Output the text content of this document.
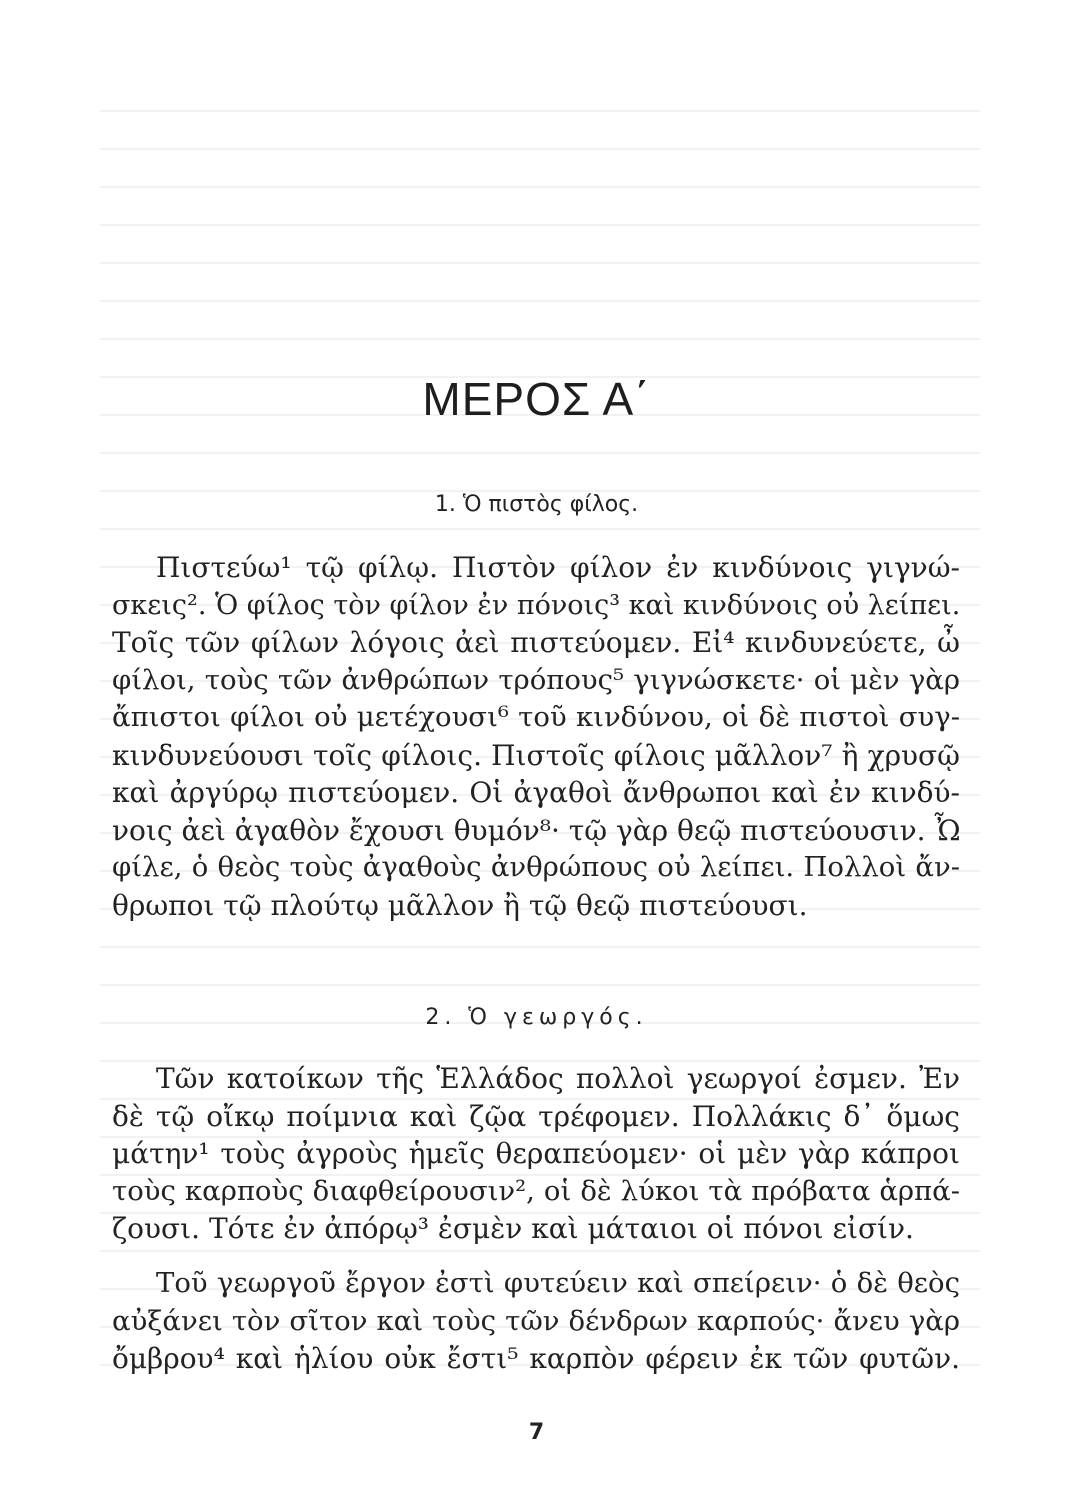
ΜΕΡΟΣ Α΄
1. Ὁ πιστὸς φίλος.
Πιστεύω¹ τῷ φίλῳ. Πιστὸν φίλον ἐν κινδύνοις γιγνώ-
σκεις². Ὁ φίλος τὸν φίλον ἐν πόνοις³ καὶ κινδύνοις οὐ λείπει.
Τοῖς τῶν φίλων λόγοις ἀεὶ πιστεύομεν. Εἰ⁴ κινδυνεύετε, ὦ
φίλοι, τοὺς τῶν ἀνθρώπων τρόπους⁵ γιγνώσκετε· οἱ μὲν γὰρ
ἄπιστοι φίλοι οὐ μετέχουσι⁶ τοῦ κινδύνου, οἱ δὲ πιστοὶ συγ-
κινδυνεύουσι τοῖς φίλοις. Πιστοῖς φίλοις μᾶλλον⁷ ἢ χρυσῷ
καὶ ἀργύρῳ πιστεύομεν. Οἱ ἀγαθοὶ ἄνθρωποι καὶ ἐν κινδύ-
νοις ἀεὶ ἀγαθὸν ἔχουσι θυμόν⁸· τῷ γὰρ θεῷ πιστεύουσιν. Ὦ
φίλε, ὁ θεὸς τοὺς ἀγαθοὺς ἀνθρώπους οὐ λείπει. Πολλοὶ ἄν-
θρωποι τῷ πλούτῳ μᾶλλον ἢ τῷ θεῷ πιστεύουσι.
2. Ὁ γεωργός.
Τῶν κατοίκων τῆς Ἑλλάδος πολλοὶ γεωργοί ἐσμεν. Ἐν
δὲ τῷ οἴκῳ ποίμνια καὶ ζῷα τρέφομεν. Πολλάκις δ᾽ ὅμως
μάτην¹ τοὺς ἀγροὺς ἡμεῖς θεραπεύομεν· οἱ μὲν γὰρ κάπροι
τοὺς καρποὺς διαφθείρουσιν², οἱ δὲ λύκοι τὰ πρόβατα ἁρπά-
ζουσι. Τότε ἐν ἀπόρῳ³ ἐσμὲν καὶ μάταιοι οἱ πόνοι εἰσίν.
Τοῦ γεωργοῦ ἔργον ἐστὶ φυτεύειν καὶ σπείρειν· ὁ δὲ θεὸς
αὐξάνει τὸν σῖτον καὶ τοὺς τῶν δένδρων καρπούς· ἄνευ γὰρ
ὄμβρου⁴ καὶ ἡλίου οὐκ ἔστι⁵ καρπὸν φέρειν ἐκ τῶν φυτῶν.
7
